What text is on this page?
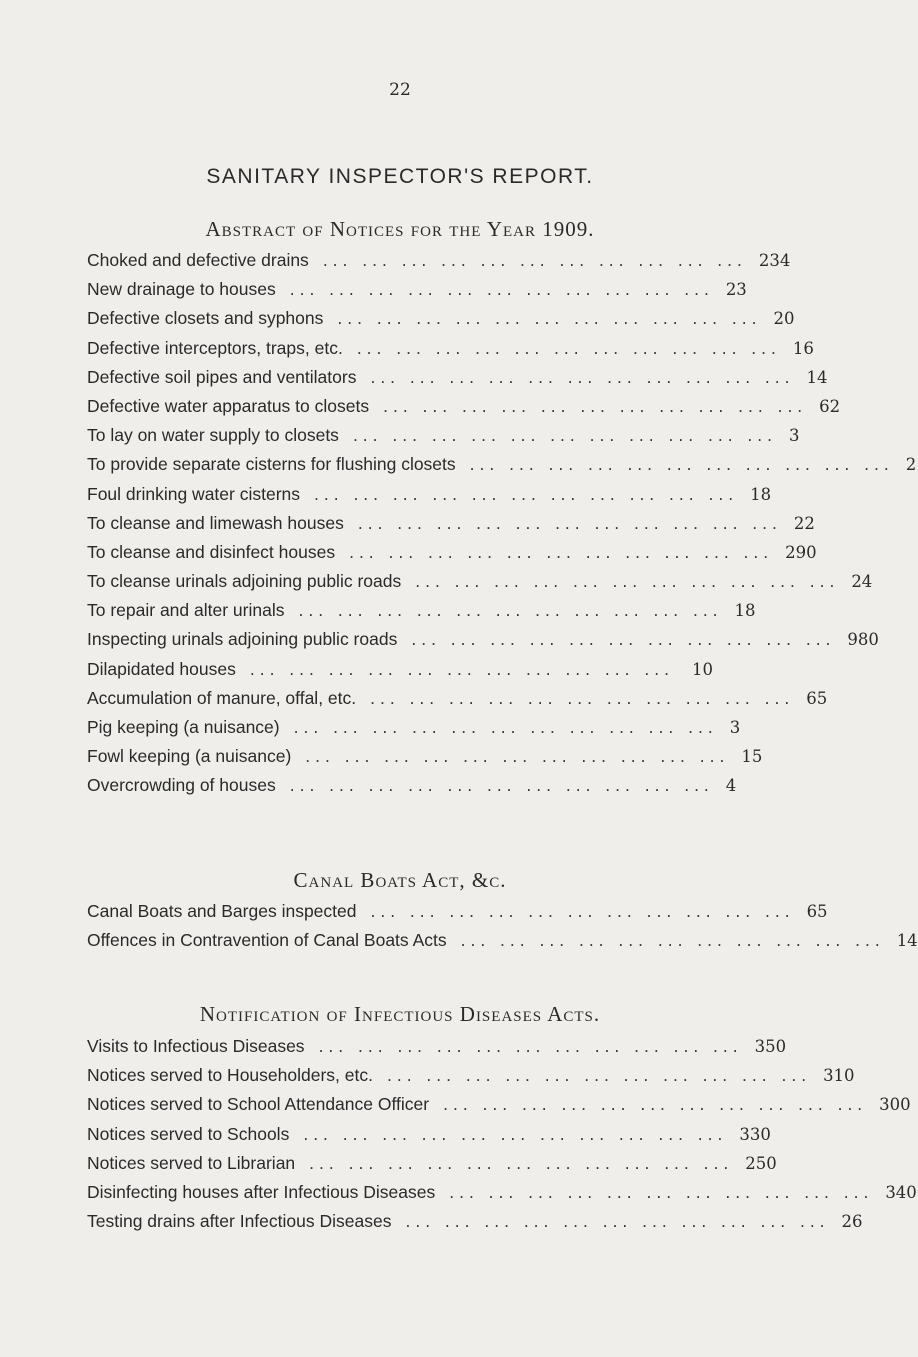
22
SANITARY INSPECTOR'S REPORT.
Abstract of Notices for the Year 1909.
Choked and defective drains ... ... ... ... ... ... ... ... ... ... ... 234
New drainage to houses ... ... ... ... ... ... ... ... ... ... ... 23
Defective closets and syphons ... ... ... ... ... ... ... ... ... ... ... 20
Defective interceptors, traps, etc. ... ... ... ... ... ... ... ... ... ... ... 16
Defective soil pipes and ventilators ... ... ... ... ... ... ... ... ... ... ... 14
Defective water apparatus to closets ... ... ... ... ... ... ... ... ... ... ... 62
To lay on water supply to closets ... ... ... ... ... ... ... ... ... ... ... 3
To provide separate cisterns for flushing closets ... ... ... ... ... ... ... ... ... ... ... 2
Foul drinking water cisterns ... ... ... ... ... ... ... ... ... ... ... 18
To cleanse and limewash houses ... ... ... ... ... ... ... ... ... ... ... 22
To cleanse and disinfect houses ... ... ... ... ... ... ... ... ... ... ... 290
To cleanse urinals adjoining public roads ... ... ... ... ... ... ... ... ... ... ... 24
To repair and alter urinals ... ... ... ... ... ... ... ... ... ... ... 18
Inspecting urinals adjoining public roads ... ... ... ... ... ... ... ... ... ... ... 980
Dilapidated houses ... ... ... ... ... ... ... ... ... ... ...	10
Accumulation of manure, offal, etc. ... ... ... ... ... ... ... ... ... ... ... 65
Pig keeping (a nuisance) ... ... ... ... ... ... ... ... ... ... ... 3
Fowl keeping (a nuisance) ... ... ... ... ... ... ... ... ... ... ... 15
Overcrowding of houses ... ... ... ... ... ... ... ... ... ... ... 4
Canal Boats Act, &c.
Canal Boats and Barges inspected ... ... ... ... ... ... ... ... ... ... ... 65
Offences in Contravention of Canal Boats Acts ... ... ... ... ... ... ... ... ... ... ... 14
Notification of Infectious Diseases Acts.
Visits to Infectious Diseases ... ... ... ... ... ... ... ... ... ... ... 350
Notices served to Householders, etc. ... ... ... ... ... ... ... ... ... ... ... 310
Notices served to School Attendance Officer ... ... ... ... ... ... ... ... ... ... ... 300
Notices served to Schools ... ... ... ... ... ... ... ... ... ... ... 330
Notices served to Librarian ... ... ... ... ... ... ... ... ... ... ... 250
Disinfecting houses after Infectious Diseases ... ... ... ... ... ... ... ... ... ... ... 340
Testing drains after Infectious Diseases ... ... ... ... ... ... ... ... ... ... ... 26
